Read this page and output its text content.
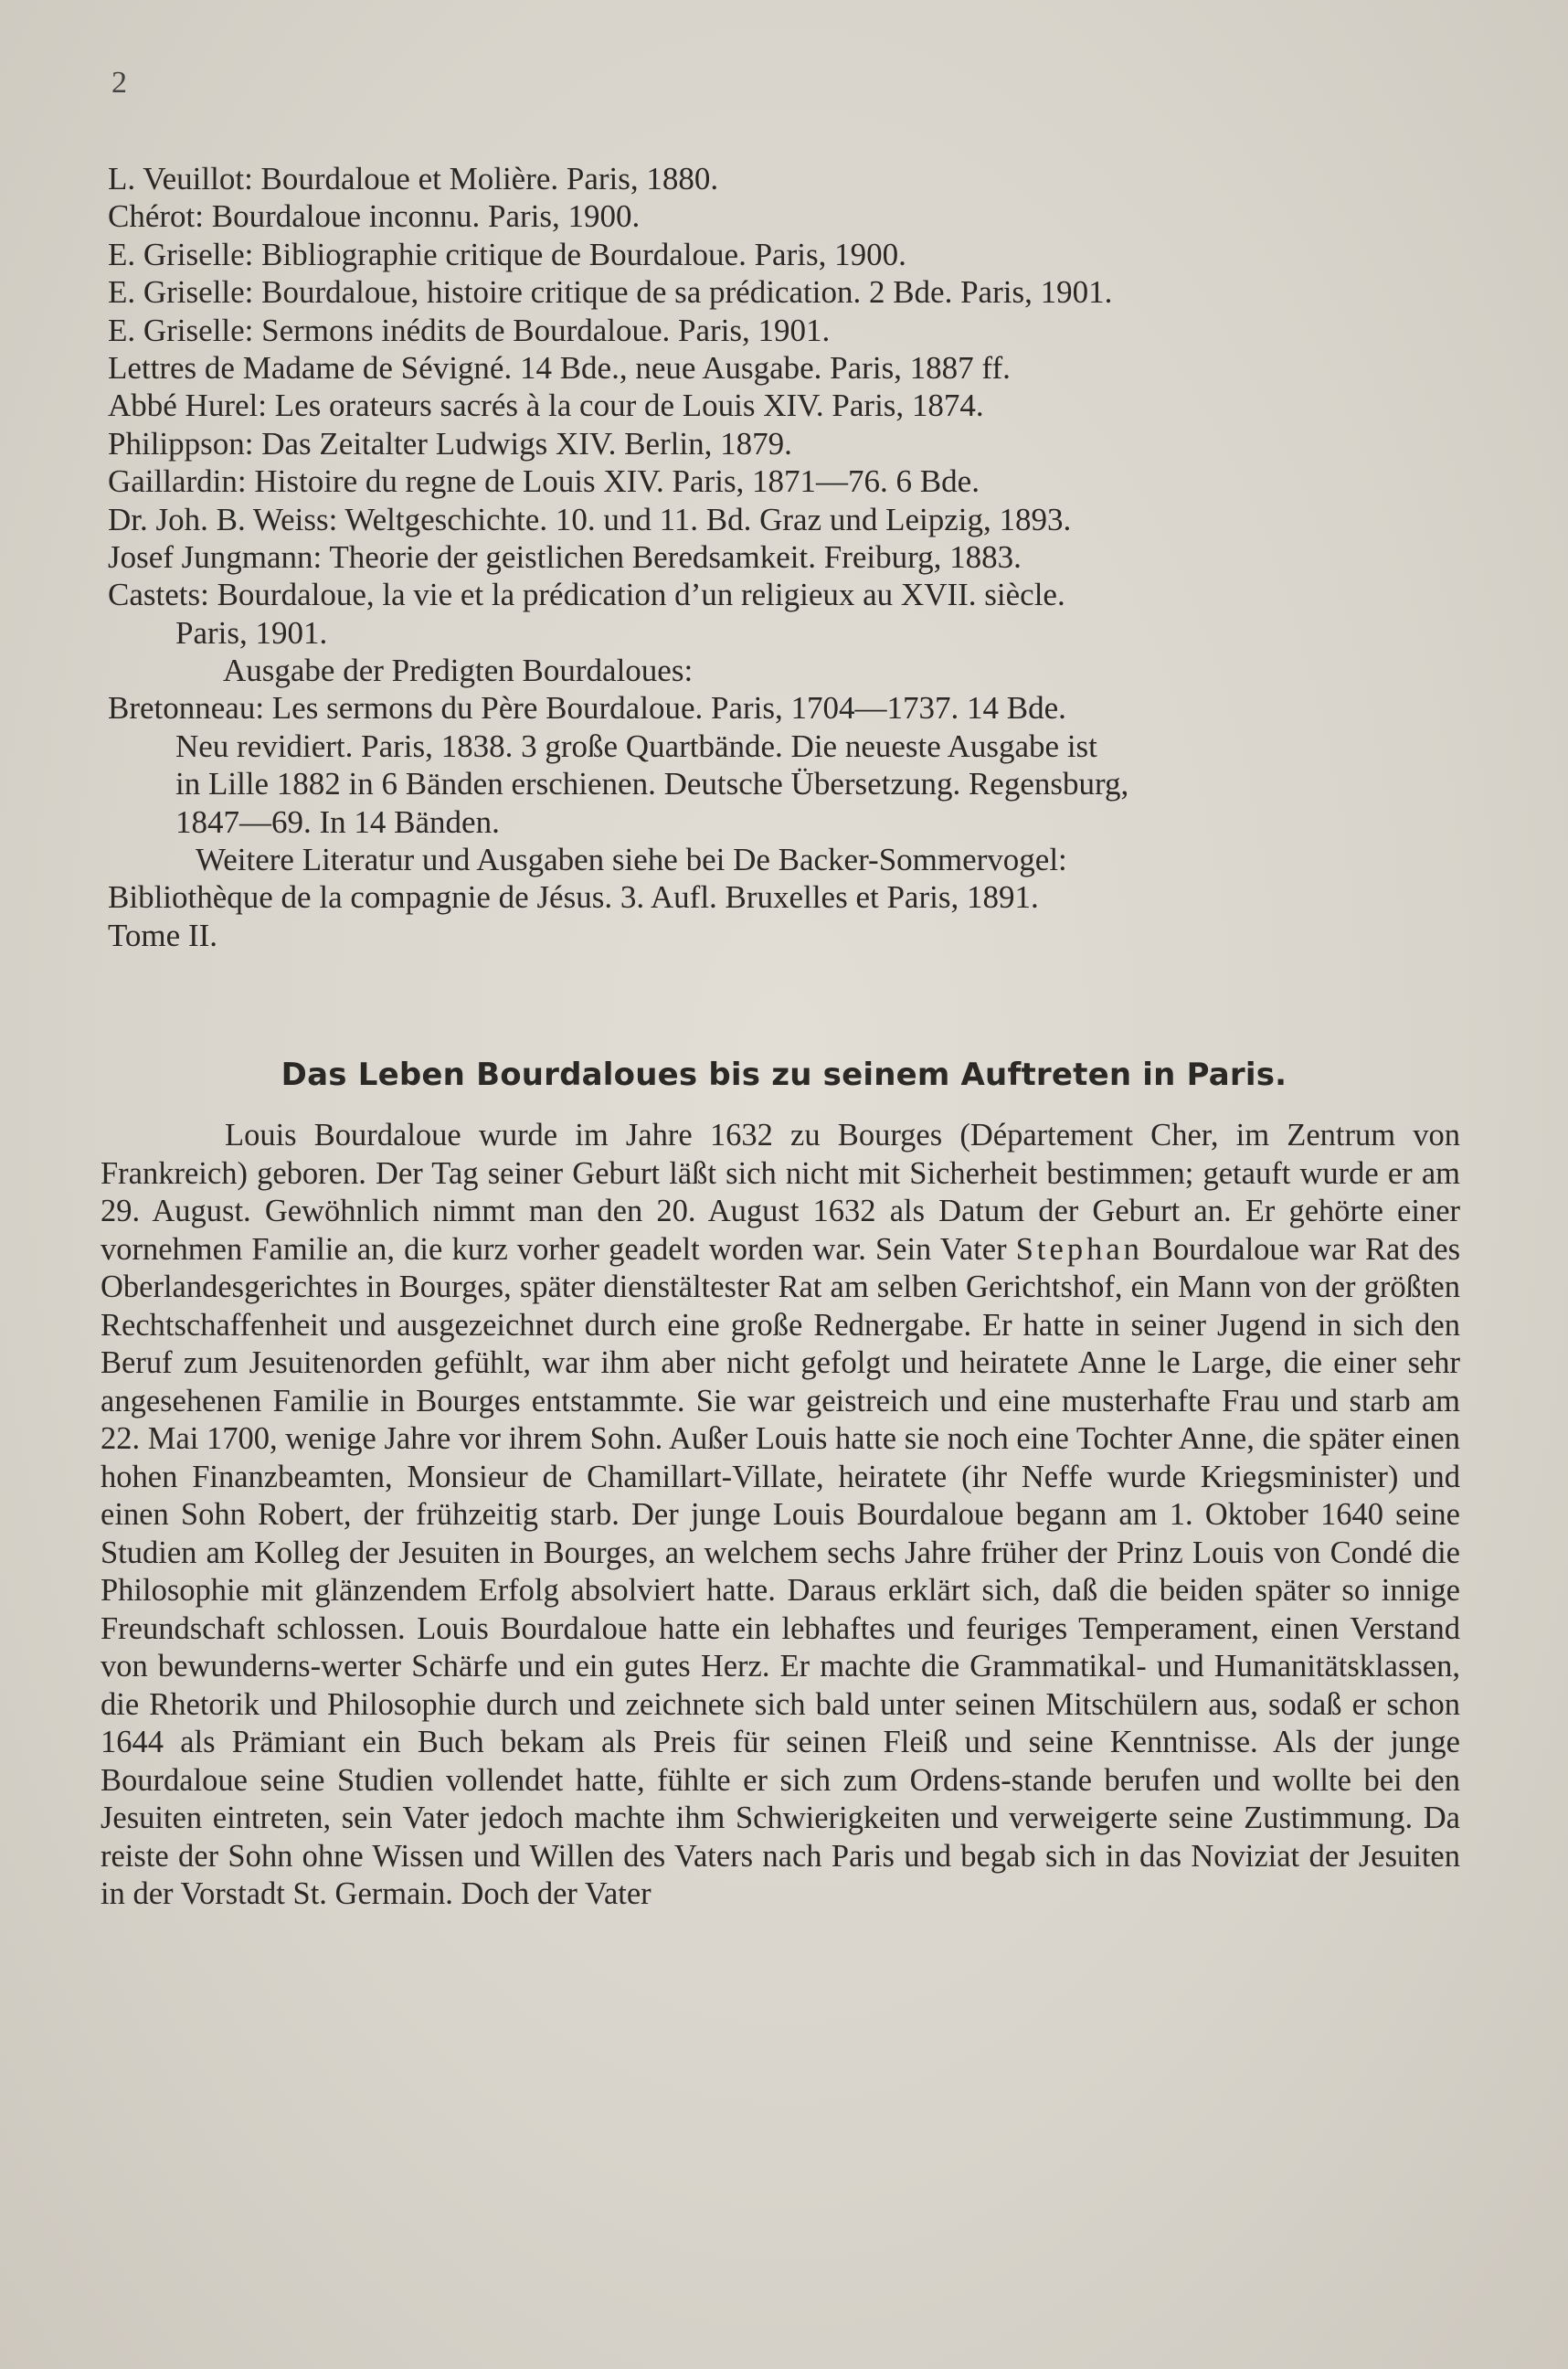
2
L. Veuillot: Bourdaloue et Molière. Paris, 1880.
Chérot: Bourdaloue inconnu. Paris, 1900.
E. Griselle: Bibliographie critique de Bourdaloue. Paris, 1900.
E. Griselle: Bourdaloue, histoire critique de sa prédication. 2 Bde. Paris, 1901.
E. Griselle: Sermons inédits de Bourdaloue. Paris, 1901.
Lettres de Madame de Sévigné. 14 Bde., neue Ausgabe. Paris, 1887 ff.
Abbé Hurel: Les orateurs sacrés à la cour de Louis XIV. Paris, 1874.
Philippson: Das Zeitalter Ludwigs XIV. Berlin, 1879.
Gaillardin: Histoire du regne de Louis XIV. Paris, 1871—76. 6 Bde.
Dr. Joh. B. Weiss: Weltgeschichte. 10. und 11. Bd. Graz und Leipzig, 1893.
Josef Jungmann: Theorie der geistlichen Beredsamkeit. Freiburg, 1883.
Castets: Bourdaloue, la vie et la prédication d’un religieux au XVII. siècle.
Paris, 1901.
Ausgabe der Predigten Bourdaloues:
Bretonneau: Les sermons du Père Bourdaloue. Paris, 1704—1737. 14 Bde.
Neu revidiert. Paris, 1838. 3 große Quartbände. Die neueste Ausgabe ist
in Lille 1882 in 6 Bänden erschienen. Deutsche Übersetzung. Regensburg,
1847—69. In 14 Bänden.
Weitere Literatur und Ausgaben siehe bei De Backer-Sommervogel:
Bibliothèque de la compagnie de Jésus. 3. Aufl. Bruxelles et Paris, 1891.
Tome II.
Das Leben Bourdaloues bis zu seinem Auftreten in Paris.

Louis Bourdaloue wurde im Jahre 1632 zu Bourges (Département Cher, im Zentrum von Frankreich) geboren. Der Tag seiner Geburt läßt sich nicht mit Sicherheit bestimmen; getauft wurde er am 29. August. Gewöhnlich nimmt man den 20. August 1632 als Datum der Geburt an. Er gehörte einer vornehmen Familie an, die kurz vorher geadelt worden war. Sein Vater Stephan Bourdaloue war Rat des Oberlandesgerichtes in Bourges, später dienstältester Rat am selben Gerichtshof, ein Mann von der größten Rechtschaffenheit und ausgezeichnet durch eine große Rednergabe. Er hatte in seiner Jugend in sich den Beruf zum Jesuitenorden gefühlt, war ihm aber nicht gefolgt und heiratete Anne le Large, die einer sehr angesehenen Familie in Bourges entstammte. Sie war geistreich und eine musterhafte Frau und starb am 22. Mai 1700, wenige Jahre vor ihrem Sohn. Außer Louis hatte sie noch eine Tochter Anne, die später einen hohen Finanzbeamten, Monsieur de Chamillart-Villate, heiratete (ihr Neffe wurde Kriegsminister) und einen Sohn Robert, der frühzeitig starb. Der junge Louis Bourdaloue begann am 1. Oktober 1640 seine Studien am Kolleg der Jesuiten in Bourges, an welchem sechs Jahre früher der Prinz Louis von Condé die Philosophie mit glänzendem Erfolg absolviert hatte. Daraus erklärt sich, daß die beiden später so innige Freundschaft schlossen. Louis Bourdaloue hatte ein lebhaftes und feuriges Temperament, einen Verstand von bewunderns-werter Schärfe und ein gutes Herz. Er machte die Grammatikal- und Humanitätsklassen, die Rhetorik und Philosophie durch und zeichnete sich bald unter seinen Mitschülern aus, sodaß er schon 1644 als Prämiant ein Buch bekam als Preis für seinen Fleiß und seine Kenntnisse. Als der junge Bourdaloue seine Studien vollendet hatte, fühlte er sich zum Ordens-stande berufen und wollte bei den Jesuiten eintreten, sein Vater jedoch machte ihm Schwierigkeiten und verweigerte seine Zustimmung. Da reiste der Sohn ohne Wissen und Willen des Vaters nach Paris und begab sich in das Noviziat der Jesuiten in der Vorstadt St. Germain. Doch der Vater
